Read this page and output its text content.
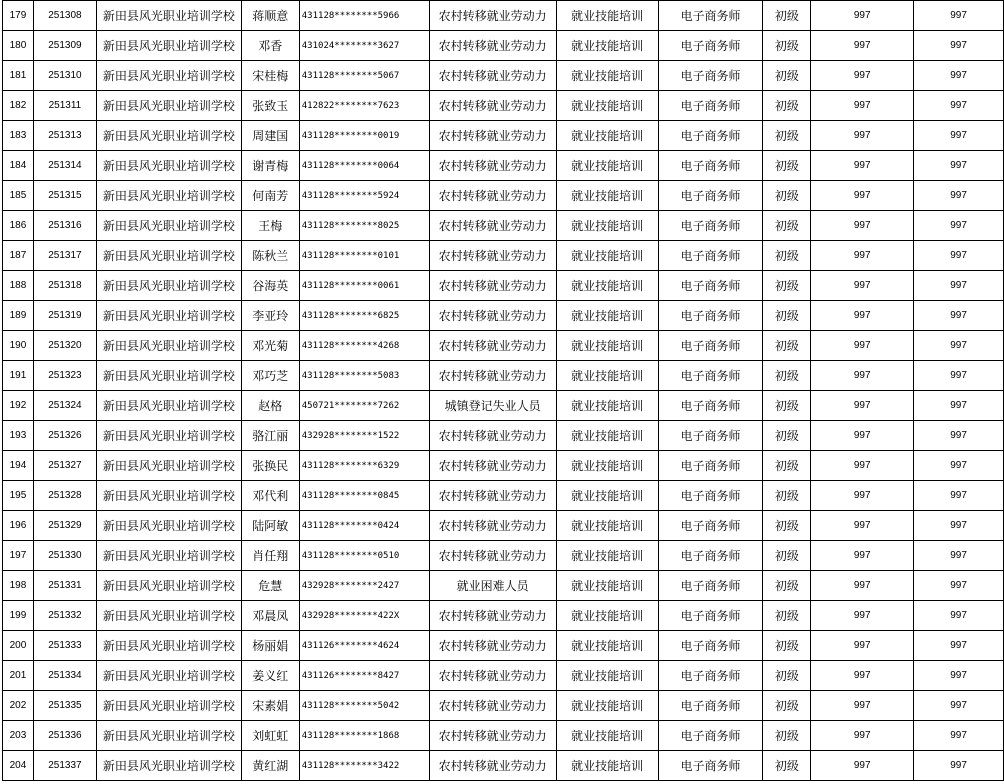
179	251308	新田县风光职业培训学校	蒋顺意	431128********5966	农村转移就业劳动力	就业技能培训	电子商务师	初级	997	997
180	251309	新田县风光职业培训学校	邓香	431024********3627	农村转移就业劳动力	就业技能培训	电子商务师	初级	997	997
181	251310	新田县风光职业培训学校	宋桂梅	431128********5067	农村转移就业劳动力	就业技能培训	电子商务师	初级	997	997
182	251311	新田县风光职业培训学校	张致玉	412822********7623	农村转移就业劳动力	就业技能培训	电子商务师	初级	997	997
183	251313	新田县风光职业培训学校	周建国	431128********0019	农村转移就业劳动力	就业技能培训	电子商务师	初级	997	997
184	251314	新田县风光职业培训学校	谢青梅	431128********0064	农村转移就业劳动力	就业技能培训	电子商务师	初级	997	997
185	251315	新田县风光职业培训学校	何南芳	431128********5924	农村转移就业劳动力	就业技能培训	电子商务师	初级	997	997
186	251316	新田县风光职业培训学校	王梅	431128********8025	农村转移就业劳动力	就业技能培训	电子商务师	初级	997	997
187	251317	新田县风光职业培训学校	陈秋兰	431128********0101	农村转移就业劳动力	就业技能培训	电子商务师	初级	997	997
188	251318	新田县风光职业培训学校	谷海英	431128********0061	农村转移就业劳动力	就业技能培训	电子商务师	初级	997	997
189	251319	新田县风光职业培训学校	李亚玲	431128********6825	农村转移就业劳动力	就业技能培训	电子商务师	初级	997	997
190	251320	新田县风光职业培训学校	邓光菊	431128********4268	农村转移就业劳动力	就业技能培训	电子商务师	初级	997	997
191	251323	新田县风光职业培训学校	邓巧芝	431128********5083	农村转移就业劳动力	就业技能培训	电子商务师	初级	997	997
192	251324	新田县风光职业培训学校	赵格	450721********7262	城镇登记失业人员	就业技能培训	电子商务师	初级	997	997
193	251326	新田县风光职业培训学校	骆江丽	432928********1522	农村转移就业劳动力	就业技能培训	电子商务师	初级	997	997
194	251327	新田县风光职业培训学校	张换民	431128********6329	农村转移就业劳动力	就业技能培训	电子商务师	初级	997	997
195	251328	新田县风光职业培训学校	邓代利	431128********0845	农村转移就业劳动力	就业技能培训	电子商务师	初级	997	997
196	251329	新田县风光职业培训学校	陆阿敏	431128********0424	农村转移就业劳动力	就业技能培训	电子商务师	初级	997	997
197	251330	新田县风光职业培训学校	肖任翔	431128********0510	农村转移就业劳动力	就业技能培训	电子商务师	初级	997	997
198	251331	新田县风光职业培训学校	危慧	432928********2427	就业困难人员	就业技能培训	电子商务师	初级	997	997
199	251332	新田县风光职业培训学校	邓晨凤	432928********422X	农村转移就业劳动力	就业技能培训	电子商务师	初级	997	997
200	251333	新田县风光职业培训学校	杨丽娟	431126********4624	农村转移就业劳动力	就业技能培训	电子商务师	初级	997	997
201	251334	新田县风光职业培训学校	姜义红	431126********8427	农村转移就业劳动力	就业技能培训	电子商务师	初级	997	997
202	251335	新田县风光职业培训学校	宋素娟	431128********5042	农村转移就业劳动力	就业技能培训	电子商务师	初级	997	997
203	251336	新田县风光职业培训学校	刘虹虹	431128********1868	农村转移就业劳动力	就业技能培训	电子商务师	初级	997	997
204	251337	新田县风光职业培训学校	黄红湖	431128********3422	农村转移就业劳动力	就业技能培训	电子商务师	初级	997	997
